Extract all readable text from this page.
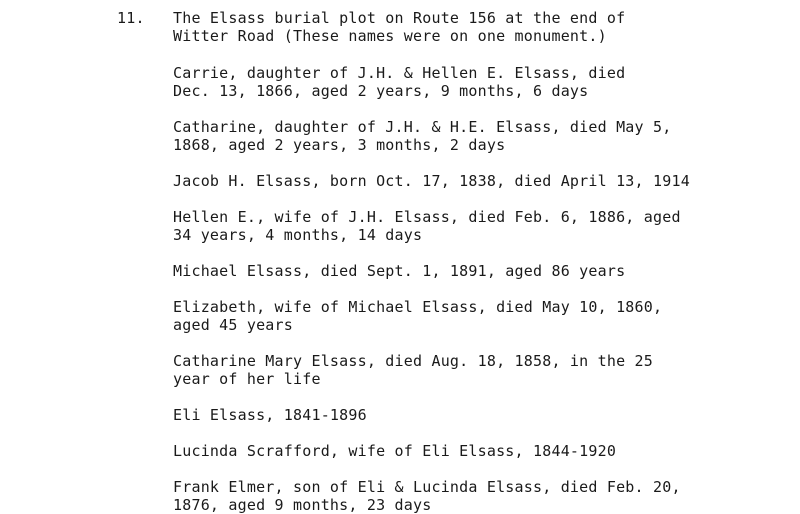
11. The Elsass burial plot on Route 156 at the end of
Witter Road (These names were on one monument.)

Carrie, daughter of J.H. & Hellen E. Elsass, died
Dec. 13, 1866, aged 2 years, 9 months, 6 days

Catharine, daughter of J.H. & H.E. Elsass, died May 5,
1868, aged 2 years, 3 months, 2 days

Jacob H. Elsass, born Oct. 17, 1838, died April 13, 1914

Hellen E., wife of J.H. Elsass, died Feb. 6, 1886, aged
34 years, 4 months, 14 days

Michael Elsass, died Sept. 1, 1891, aged 86 years

Elizabeth, wife of Michael Elsass, died May 10, 1860,
aged 45 years

Catharine Mary Elsass, died Aug. 18, 1858, in the 25
year of her life

Eli Elsass, 1841-1896

Lucinda Scrafford, wife of Eli Elsass, 1844-1920

Frank Elmer, son of Eli & Lucinda Elsass, died Feb. 20,
1876, aged 9 months, 23 days
